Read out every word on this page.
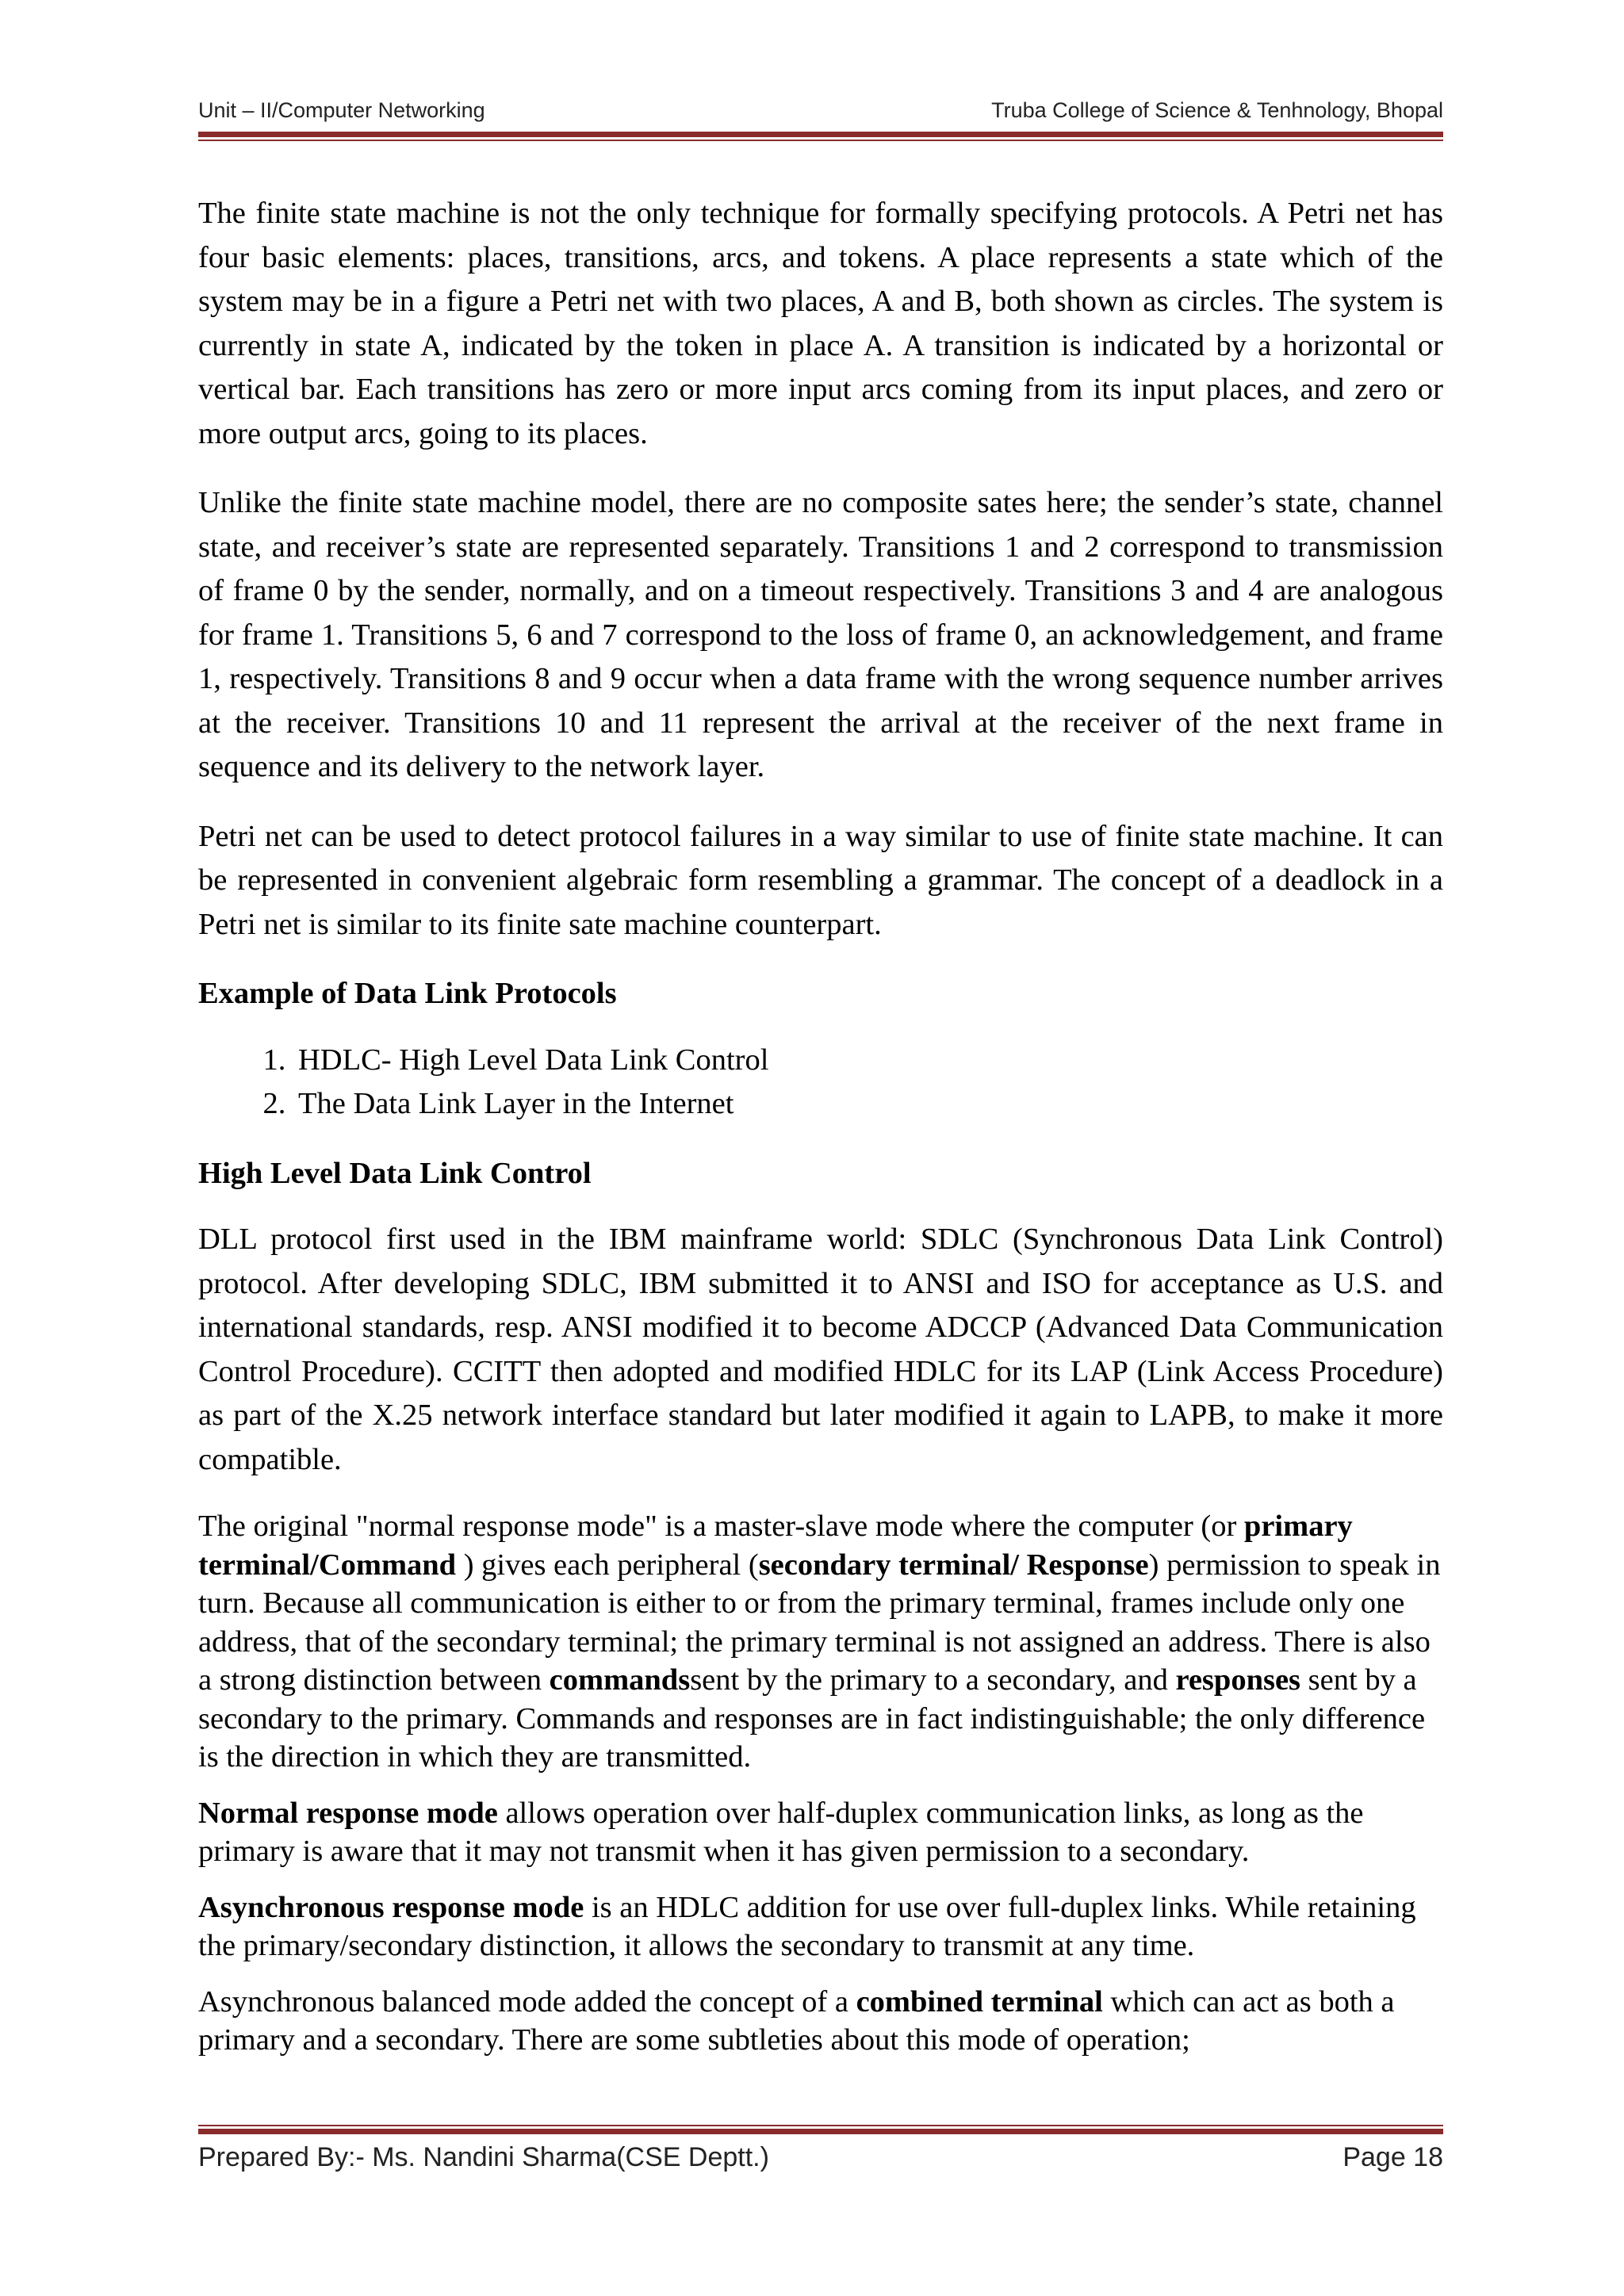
Unit – II/Computer Networking	Truba College of Science & Tenhnology, Bhopal

The finite state machine is not the only technique for formally specifying protocols. A Petri net has four basic elements: places, transitions, arcs, and tokens. A place represents a state which of the system may be in a figure a Petri net with two places, A and B, both shown as circles. The system is currently in state A, indicated by the token in place A. A transition is indicated by a horizontal or vertical bar. Each transitions has zero or more input arcs coming from its input places, and zero or more output arcs, going to its places.

Unlike the finite state machine model, there are no composite sates here; the sender’s state, channel state, and receiver’s state are represented separately. Transitions 1 and 2 correspond to transmission of frame 0 by the sender, normally, and on a timeout respectively. Transitions 3 and 4 are analogous for frame 1. Transitions 5, 6 and 7 correspond to the loss of frame 0, an acknowledgement, and frame 1, respectively. Transitions 8 and 9 occur when a data frame with the wrong sequence number arrives at the receiver. Transitions 10 and 11 represent the arrival at the receiver of the next frame in sequence and its delivery to the network layer.

Petri net can be used to detect protocol failures in a way similar to use of finite state machine. It can be represented in convenient algebraic form resembling a grammar. The concept of a deadlock in a Petri net is similar to its finite sate machine counterpart.

Example of Data Link Protocols
1. HDLC- High Level Data Link Control
2. The Data Link Layer in the Internet
High Level Data Link Control

DLL protocol first used in the IBM mainframe world: SDLC (Synchronous Data Link Control) protocol. After developing SDLC, IBM submitted it to ANSI and ISO for acceptance as U.S. and international standards, resp. ANSI modified it to become ADCCP (Advanced Data Communication Control Procedure). CCITT then adopted and modified HDLC for its LAP (Link Access Procedure) as part of the X.25 network interface standard but later modified it again to LAPB, to make it more compatible.

The original "normal response mode" is a master-slave mode where the computer (or primary terminal/Command ) gives each peripheral (secondary terminal/ Response) permission to speak in turn. Because all communication is either to or from the primary terminal, frames include only one address, that of the secondary terminal; the primary terminal is not assigned an address. There is also a strong distinction between commandssent by the primary to a secondary, and responses sent by a secondary to the primary. Commands and responses are in fact indistinguishable; the only difference is the direction in which they are transmitted.

Normal response mode allows operation over half-duplex communication links, as long as the primary is aware that it may not transmit when it has given permission to a secondary.

Asynchronous response mode is an HDLC addition for use over full-duplex links. While retaining the primary/secondary distinction, it allows the secondary to transmit at any time.

Asynchronous balanced mode added the concept of a combined terminal which can act as both a primary and a secondary. There are some subtleties about this mode of operation;

Prepared By:- Ms. Nandini Sharma(CSE Deptt.)	Page 18
